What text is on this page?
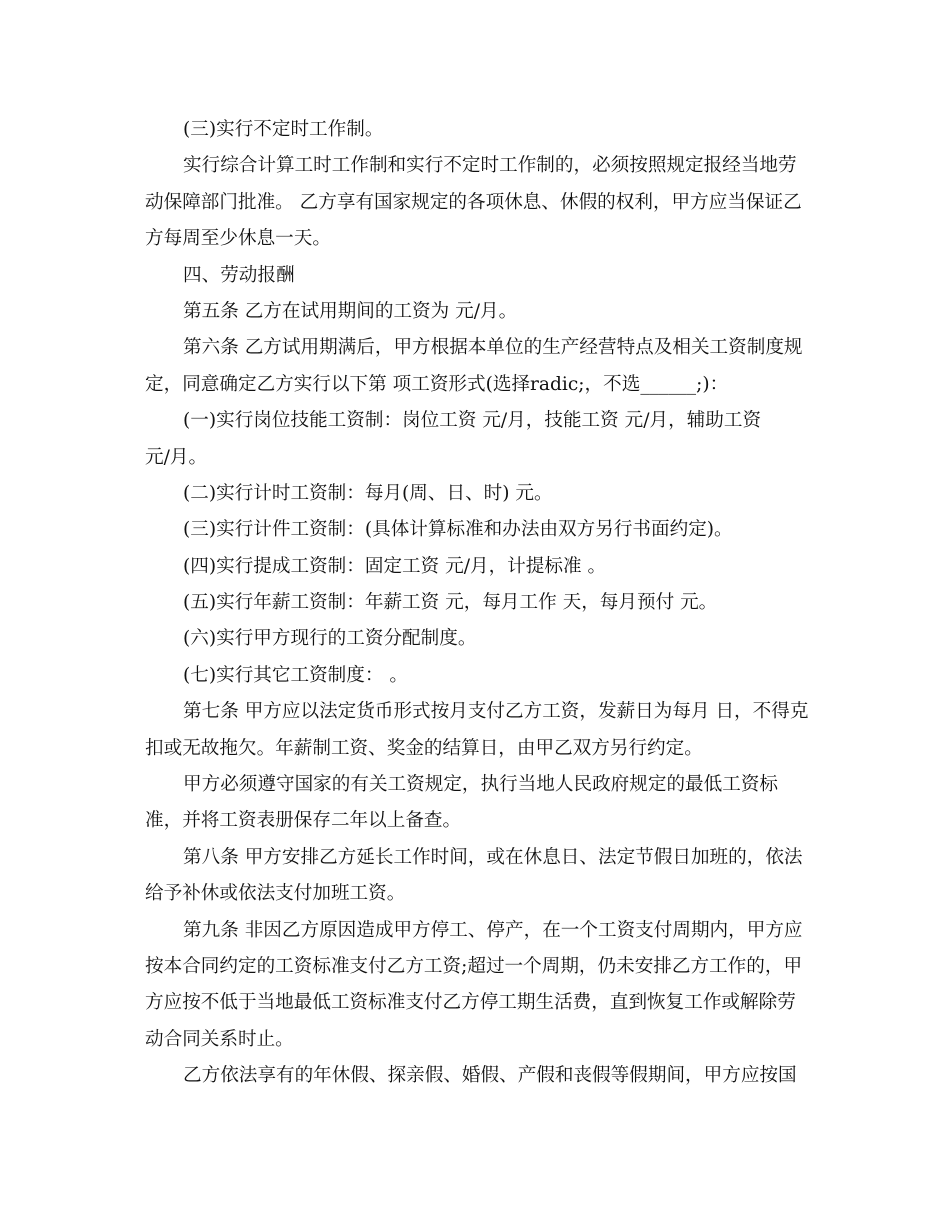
(三)实行不定时工作制。
实行综合计算工时工作制和实行不定时工作制的，必须按照规定报经当地劳
动保障部门批准。 乙方享有国家规定的各项休息、休假的权利，甲方应当保证乙
方每周至少休息一天。
四、劳动报酬
第五条 乙方在试用期间的工资为 元/月。
第六条 乙方试用期满后，甲方根据本单位的生产经营特点及相关工资制度规
定，同意确定乙方实行以下第 项工资形式(选择radic;，不选______;)：
(一)实行岗位技能工资制：岗位工资 元/月，技能工资 元/月，辅助工资
元/月。
(二)实行计时工资制：每月(周、日、时) 元。
(三)实行计件工资制：(具体计算标准和办法由双方另行书面约定)。
(四)实行提成工资制：固定工资 元/月，计提标准 。
(五)实行年薪工资制：年薪工资 元，每月工作 天，每月预付 元。
(六)实行甲方现行的工资分配制度。
(七)实行其它工资制度： 。
第七条 甲方应以法定货币形式按月支付乙方工资，发薪日为每月 日，不得克
扣或无故拖欠。年薪制工资、奖金的结算日，由甲乙双方另行约定。
甲方必须遵守国家的有关工资规定，执行当地人民政府规定的最低工资标
准，并将工资表册保存二年以上备查。
第八条 甲方安排乙方延长工作时间，或在休息日、法定节假日加班的，依法
给予补休或依法支付加班工资。
第九条 非因乙方原因造成甲方停工、停产，在一个工资支付周期内，甲方应
按本合同约定的工资标准支付乙方工资;超过一个周期，仍未安排乙方工作的，甲
方应按不低于当地最低工资标准支付乙方停工期生活费，直到恢复工作或解除劳
动合同关系时止。
乙方依法享有的年休假、探亲假、婚假、产假和丧假等假期间，甲方应按国
